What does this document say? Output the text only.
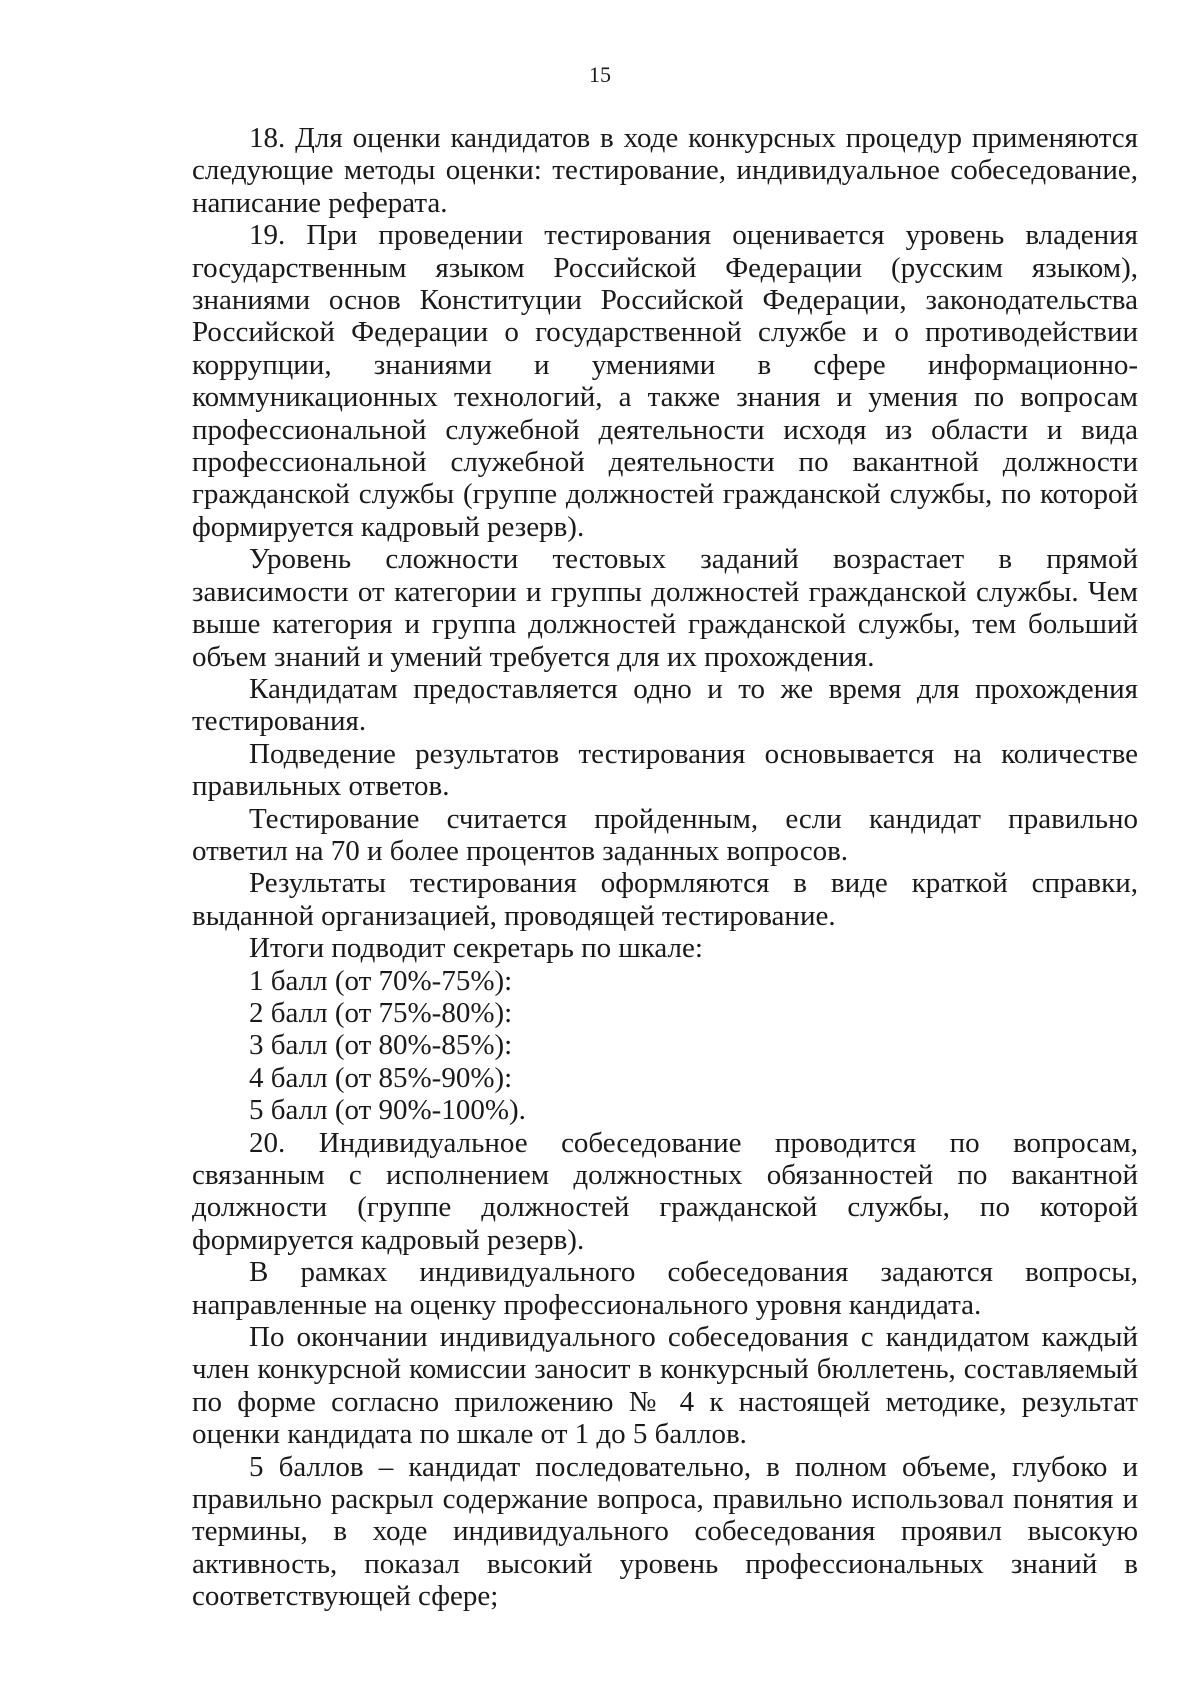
15

18. Для оценки кандидатов в ходе конкурсных процедур применяются следующие методы оценки: тестирование, индивидуальное собеседование, написание реферата.

19. При проведении тестирования оценивается уровень владения государственным языком Российской Федерации (русским языком), знаниями основ Конституции Российской Федерации, законодательства Российской Федерации о государственной службе и о противодействии коррупции, знаниями и умениями в сфере информационно-коммуникационных технологий, а также знания и умения по вопросам профессиональной служебной деятельности исходя из области и вида профессиональной служебной деятельности по вакантной должности гражданской службы (группе должностей гражданской службы, по которой формируется кадровый резерв).

Уровень сложности тестовых заданий возрастает в прямой зависимости от категории и группы должностей гражданской службы. Чем выше категория и группа должностей гражданской службы, тем больший объем знаний и умений требуется для их прохождения.

Кандидатам предоставляется одно и то же время для прохождения тестирования.

Подведение результатов тестирования основывается на количестве правильных ответов.

Тестирование считается пройденным, если кандидат правильно ответил на 70 и более процентов заданных вопросов.

Результаты тестирования оформляются в виде краткой справки, выданной организацией, проводящей тестирование.

Итоги подводит секретарь по шкале:

1 балл (от 70%-75%):

2 балл (от 75%-80%):

3 балл (от 80%-85%):

4 балл (от 85%-90%):

5 балл (от 90%-100%).

20. Индивидуальное собеседование проводится по вопросам, связанным с исполнением должностных обязанностей по вакантной должности (группе должностей гражданской службы, по которой формируется кадровый резерв).

В рамках индивидуального собеседования задаются вопросы, направленные на оценку профессионального уровня кандидата.

По окончании индивидуального собеседования с кандидатом каждый член конкурсной комиссии заносит в конкурсный бюллетень, составляемый по форме согласно приложению № 4 к настоящей методике, результат оценки кандидата по шкале от 1 до 5 баллов.

5 баллов – кандидат последовательно, в полном объеме, глубоко и правильно раскрыл содержание вопроса, правильно использовал понятия и термины, в ходе индивидуального собеседования проявил высокую активность, показал высокий уровень профессиональных знаний в соответствующей сфере;
